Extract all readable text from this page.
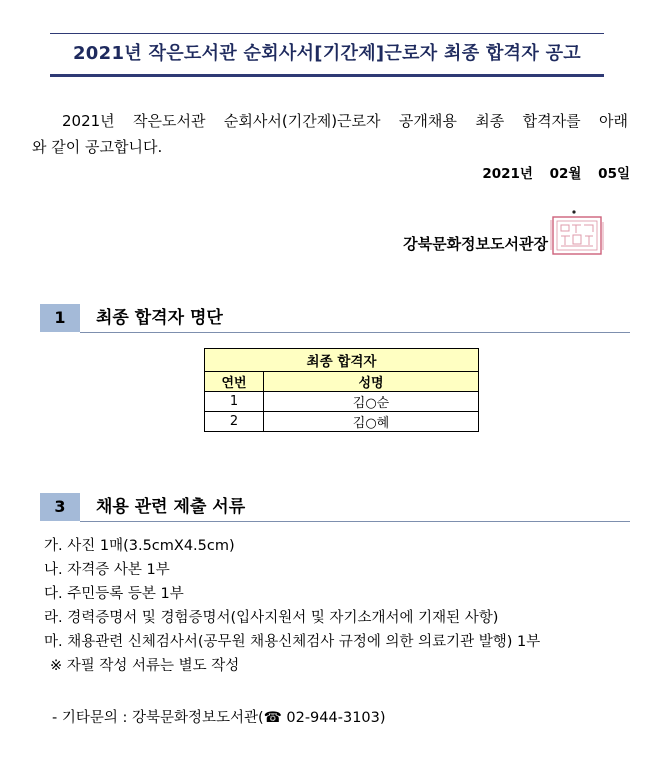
2021년 작은도서관 순회사서[기간제]근로자 최종 합격자 공고
2021년 작은도서관 순회사서(기간제)근로자 공개채용 최종 합격자를 아래
와 같이 공고합니다.
2021년 02월 05일
강북문화정보도서관장
1	최종 합격자 명단
최종 합격자	
연번	성명
1	김○순
2	김○혜
3	채용 관련 제출 서류
가. 사진 1매(3.5cmX4.5cm)
나. 자격증 사본 1부
다. 주민등록 등본 1부
라. 경력증명서 및 경험증명서(입사지원서 및 자기소개서에 기재된 사항)
마. 채용관련 신체검사서(공무원 채용신체검사 규정에 의한 의료기관 발행) 1부
※ 자필 작성 서류는 별도 작성
- 기타문의 : 강북문화정보도서관(☎ 02-944-3103)
